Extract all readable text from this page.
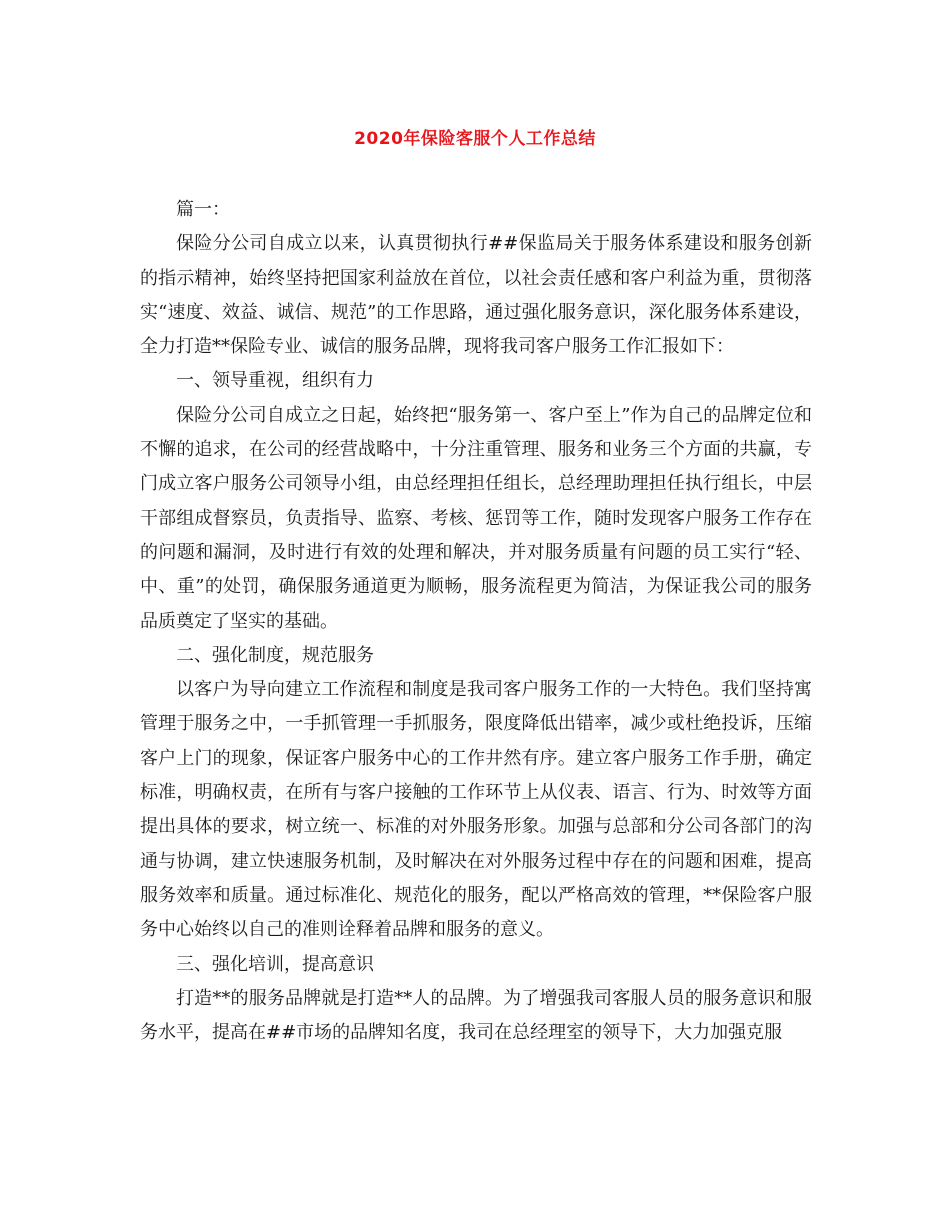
2020年保险客服个人工作总结

篇一：

保险分公司自成立以来，认真贯彻执行##保监局关于服务体系建设和服务创新的指示精神，始终坚持把国家利益放在首位，以社会责任感和客户利益为重，贯彻落实“速度、效益、诚信、规范”的工作思路，通过强化服务意识，深化服务体系建设，全力打造**保险专业、诚信的服务品牌，现将我司客户服务工作汇报如下：

一、领导重视，组织有力

保险分公司自成立之日起，始终把“服务第一、客户至上”作为自己的品牌定位和不懈的追求，在公司的经营战略中，十分注重管理、服务和业务三个方面的共赢，专门成立客户服务公司领导小组，由总经理担任组长，总经理助理担任执行组长，中层干部组成督察员，负责指导、监察、考核、惩罚等工作，随时发现客户服务工作存在的问题和漏洞，及时进行有效的处理和解决，并对服务质量有问题的员工实行“轻、中、重”的处罚，确保服务通道更为顺畅，服务流程更为简洁，为保证我公司的服务品质奠定了坚实的基础。

二、强化制度，规范服务

以客户为导向建立工作流程和制度是我司客户服务工作的一大特色。我们坚持寓管理于服务之中，一手抓管理一手抓服务，限度降低出错率，减少或杜绝投诉，压缩客户上门的现象，保证客户服务中心的工作井然有序。建立客户服务工作手册，确定标准，明确权责，在所有与客户接触的工作环节上从仪表、语言、行为、时效等方面提出具体的要求，树立统一、标准的对外服务形象。加强与总部和分公司各部门的沟通与协调，建立快速服务机制，及时解决在对外服务过程中存在的问题和困难，提高服务效率和质量。通过标准化、规范化的服务，配以严格高效的管理，**保险客户服务中心始终以自己的准则诠释着品牌和服务的意义。

三、强化培训，提高意识

打造**的服务品牌就是打造**人的品牌。为了增强我司客服人员的服务意识和服务水平，提高在##市场的品牌知名度，我司在总经理室的领导下，大力加强克服
